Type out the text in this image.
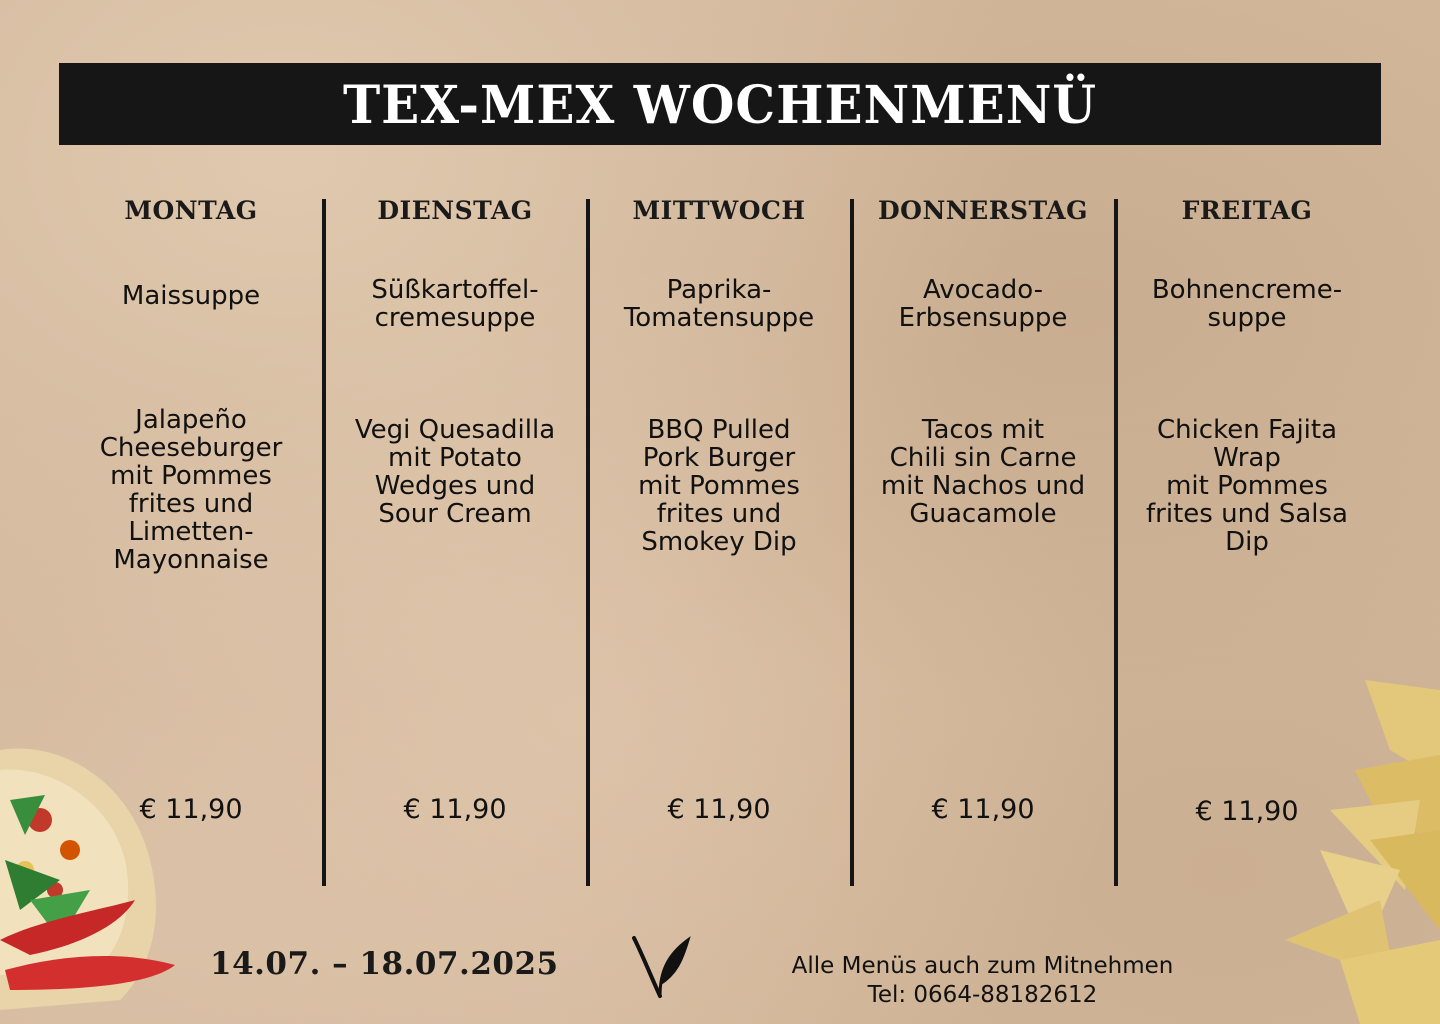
TEX-MEX WOCHENMENÜ
MONTAG
Maissuppe
Jalapeño
Cheeseburger
mit Pommes
frites und
Limetten-
Mayonnaise
€ 11,90
DIENSTAG
Süßkartoffel-
cremesuppe
Vegi Quesadilla
mit Potato
Wedges und
Sour Cream
€ 11,90
MITTWOCH
Paprika-
Tomatensuppe
BBQ Pulled
Pork Burger
mit Pommes
frites und
Smokey Dip
€ 11,90
DONNERSTAG
Avocado-
Erbsensuppe
Tacos mit
Chili sin Carne
mit Nachos und
Guacamole
€ 11,90
FREITAG
Bohnencreme-
suppe
Chicken Fajita
Wrap
mit Pommes
frites und Salsa
Dip
€ 11,90
14.07. – 18.07.2025	Alle Menüs auch zum Mitnehmen
Tel: 0664-88182612
